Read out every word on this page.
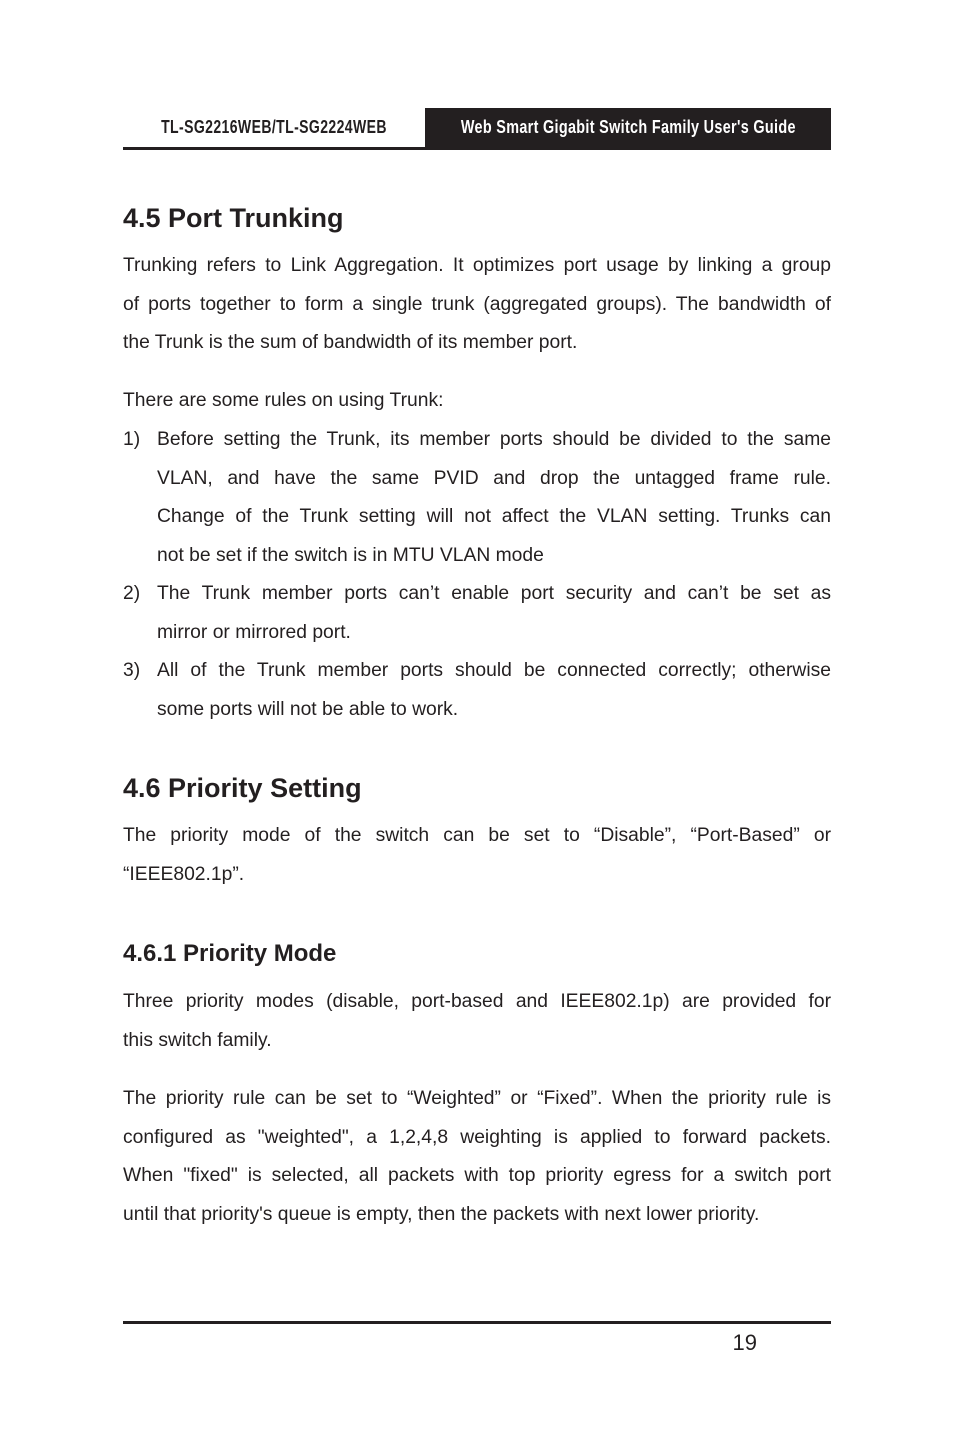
TL-SG2216WEB/TL-SG2224WEB	Web Smart Gigabit Switch Family User's Guide
4.5 Port Trunking

Trunking refers to Link Aggregation. It optimizes port usage by linking a group
of ports together to form a single trunk (aggregated groups). The bandwidth of
the Trunk is the sum of bandwidth of its member port.

There are some rules on using Trunk:

1) Before setting the Trunk, its member ports should be divided to the same
VLAN, and have the same PVID and drop the untagged frame rule.
Change of the Trunk setting will not affect the VLAN setting. Trunks can
not be set if the switch is in MTU VLAN mode
2) The Trunk member ports can’t enable port security and can’t be set as
mirror or mirrored port.
3) All of the Trunk member ports should be connected correctly; otherwise
some ports will not be able to work.
4.6 Priority Setting

The priority mode of the switch can be set to “Disable”, “Port-Based” or
“IEEE802.1p”.

4.6.1 Priority Mode

Three priority modes (disable, port-based and IEEE802.1p) are provided for
this switch family.

The priority rule can be set to “Weighted” or “Fixed”. When the priority rule is
configured as "weighted", a 1,2,4,8 weighting is applied to forward packets.
When "fixed" is selected, all packets with top priority egress for a switch port
until that priority's queue is empty, then the packets with next lower priority.

19
